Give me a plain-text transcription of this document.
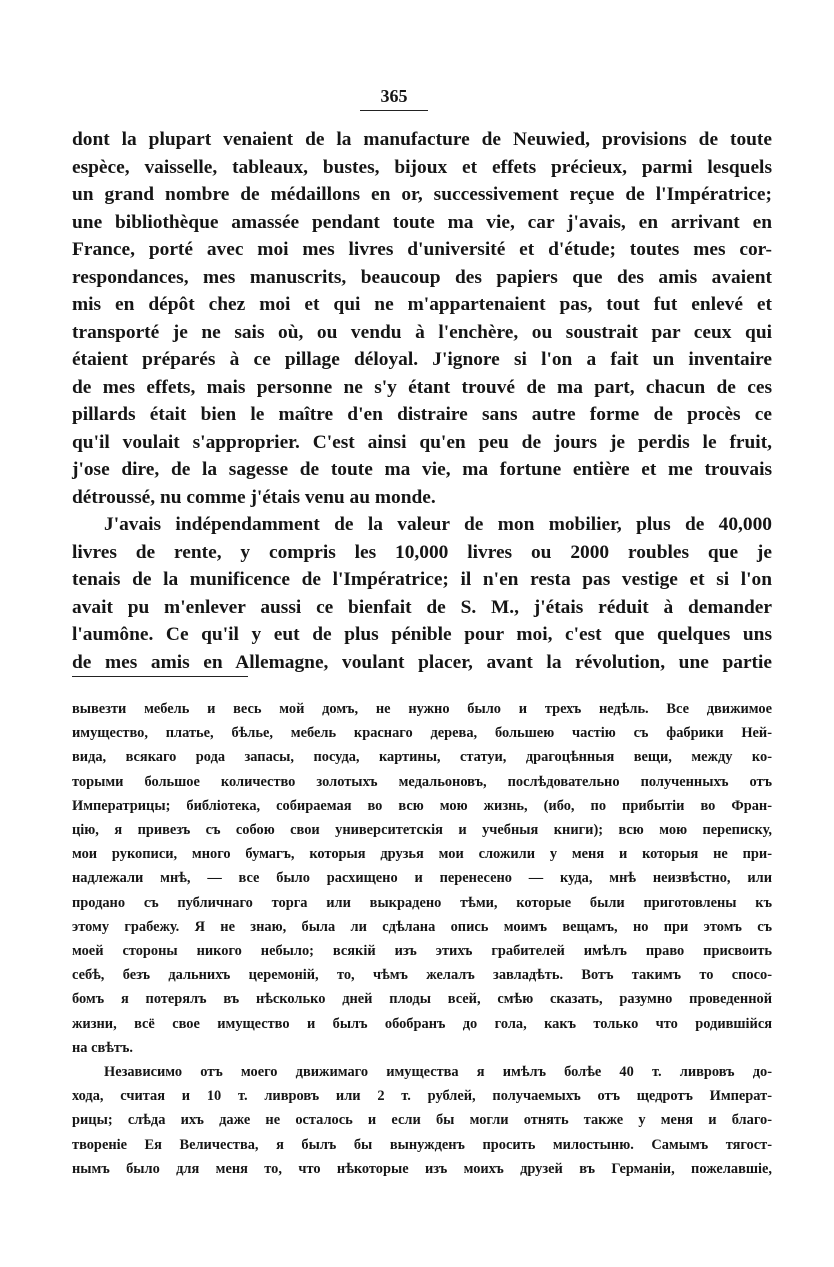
365
dont la plupart venaient de la manufacture de Neuwied, provisions de toute
espèce, vaisselle, tableaux, bustes, bijoux et effets précieux, parmi lesquels
un grand nombre de médaillons en or, successivement reçue de l'Impératrice;
une bibliothèque amassée pendant toute ma vie, car j'avais, en arrivant en
France, porté avec moi mes livres d'université et d'étude; toutes mes cor-
respondances, mes manuscrits, beaucoup des papiers que des amis avaient
mis en dépôt chez moi et qui ne m'appartenaient pas, tout fut enlevé et
transporté je ne sais où, ou vendu à l'enchère, ou soustrait par ceux qui
étaient préparés à ce pillage déloyal. J'ignore si l'on a fait un inventaire
de mes effets, mais personne ne s'y étant trouvé de ma part, chacun de ces
pillards était bien le maître d'en distraire sans autre forme de procès ce
qu'il voulait s'approprier. C'est ainsi qu'en peu de jours je perdis le fruit,
j'ose dire, de la sagesse de toute ma vie, ma fortune entière et me trouvais
détroussé, nu comme j'étais venu au monde.
J'avais indépendamment de la valeur de mon mobilier, plus de 40,000
livres de rente, y compris les 10,000 livres ou 2000 roubles que je
tenais de la munificence de l'Impératrice; il n'en resta pas vestige et si l'on
avait pu m'enlever aussi ce bienfait de S. M., j'étais réduit à demander
l'aumône. Ce qu'il y eut de plus pénible pour moi, c'est que quelques uns
de mes amis en Allemagne, voulant placer, avant la révolution, une partie
вывезти мебель и весь мой домъ, не нужно было и трехъ недѣль. Все движимое
имущество, платье, бѣлье, мебель краснаго дерева, большею частію съ фабрики Ней-
вида, всякаго рода запасы, посуда, картины, статуи, драгоцѣнныя вещи, между ко-
торыми большое количество золотыхъ медальоновъ, послѣдовательно полученныхъ отъ
Императрицы; библіотека, собираемая во всю мою жизнь, (ибо, по прибытіи во Фран-
цію, я привезъ съ собою свои университетскія и учебныя книги); всю мою переписку,
мои рукописи, много бумагъ, которыя друзья мои сложили у меня и которыя не при-
надлежали мнѣ, — все было расхищено и перенесено — куда, мнѣ неизвѣстно, или
продано съ публичнаго торга или выкрадено тѣми, которые были приготовлены къ
этому грабежу. Я не знаю, была ли сдѣлана опись моимъ вещамъ, но при этомъ съ
моей стороны никого небыло; всякій изъ этихъ грабителей имѣлъ право присвоить
себѣ, безъ дальнихъ церемоній, то, чѣмъ желалъ завладѣть. Вотъ такимъ то спосо-
бомъ я потерялъ въ нѣсколько дней плоды всей, смѣю сказать, разумно проведенной
жизни, всё свое имущество и былъ обобранъ до гола, какъ только что родившійся
на свѣтъ.
Независимо отъ моего движимаго имущества я имѣлъ болѣе 40 т. ливровъ до-
хода, считая и 10 т. ливровъ или 2 т. рублей, получаемыхъ отъ щедротъ Императ-
рицы; слѣда ихъ даже не осталось и если бы могли отнять также у меня и благо-
твореніе Ея Величества, я былъ бы вынужденъ просить милостыню. Самымъ тягост-
нымъ было для меня то, что нѣкоторые изъ моихъ друзей въ Германіи, пожелавшіе,
